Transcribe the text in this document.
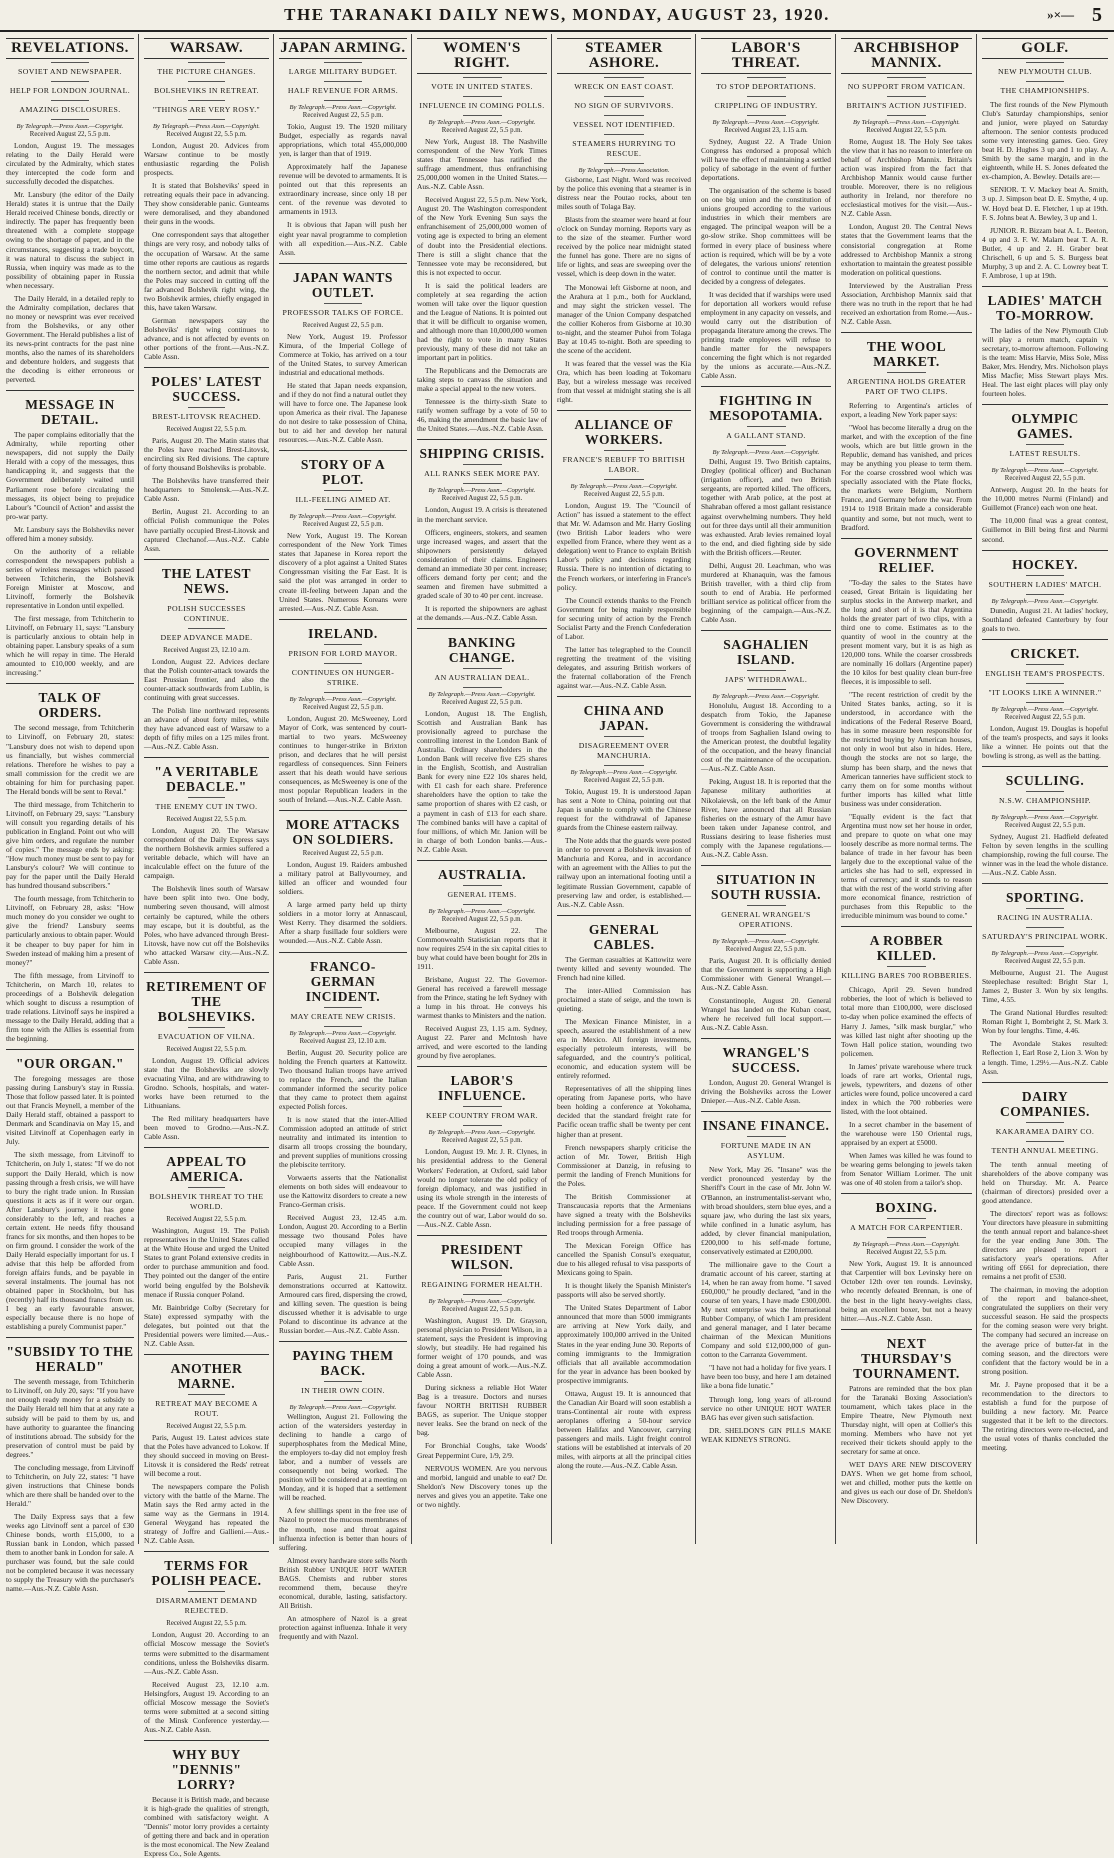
THE TARANAKI DAILY NEWS, MONDAY, AUGUST 23, 1920.	»×— 5
REVELATIONS.
SOVIET AND NEWSPAPER.
HELP FOR LONDON JOURNAL.
AMAZING DISCLOSURES.
By Telegraph.—Press Assn.—Copyright.
Received August 22, 5.5 p.m.

London, August 19. The messages relating to the Daily Herald were circulated by the Admiralty, which states they intercepted the code form and successfully decoded the dispatches.

Mr. Lansbury (the editor of the Daily Herald) states it is untrue that the Daily Herald received Chinese bonds, directly or indirectly. The paper has frequently been threatened with a complete stoppage owing to the shortage of paper, and in the circumstances, suggesting a trade boycott, it was natural to discuss the subject in Russia, when inquiry was made as to the possibility of obtaining paper in Russia when necessary.

The Daily Herald, in a detailed reply to the Admiralty compilation, declares that no money or newsprint was ever received from the Bolsheviks, or any other Government. The Herald publishes a list of its news-print contracts for the past nine months, also the names of its shareholders and debenture holders, and suggests that the decoding is either erroneous or perverted.

MESSAGE IN DETAIL.

The paper complains editorially that the Admiralty, while reporting other newspapers, did not supply the Daily Herald with a copy of the messages, thus handicapping it, and suggests that the Government deliberately waited until Parliament rose before circulating the messages, its object being to prejudice Labour's "Council of Action" and assist the pro-war party.

Mr. Lansbury says the Bolsheviks never offered him a money subsidy.

On the authority of a reliable correspondent the newspapers publish a series of wireless messages which passed between Tchitcherin, the Bolshevik Foreign Minister at Moscow, and Litvinoff, formerly the Bolshevik representative in London until expelled.

The first message, from Tchitcherin to Litvinoff, on February 11, says: "Lansbury is particularly anxious to obtain help in obtaining paper. Lansbury speaks of a sum which he will repay in time. The Herald amounted to £10,000 weekly, and are increasing."

TALK OF ORDERS.

The second message, from Tchitcherin to Litvinoff, on February 20, states: "Lansbury does not wish to depend upon us financially, but wishes commercial relations. Therefore he wishes to pay a small commission for the credit we are obtaining for him for purchasing paper. The Herald bonds will be sent to Reval."

The third message, from Tchitcherin to Litvinoff, on February 29, says: "Lansbury will consult you regarding details of his publication in England. Point out who will give him orders, and regulate the number of copies." The message ends by asking: "How much money must be sent to pay for Lansbury's colour? We will continue to pay for the paper until the Daily Herald has hundred thousand subscribers."

The fourth message, from Tchitcherin to Litvinoff, on February 28, asks: "How much money do you consider we ought to give the friend? Lansbury seems particularly anxious to obtain paper. Would it be cheaper to buy paper for him in Sweden instead of making him a present of money?"

The fifth message, from Litvinoff to Tchitcherin, on March 10, relates to proceedings of a Bolshevik delegation which sought to discuss a resumption of trade relations. Litvinoff says he inspired a message to the Daily Herald, adding that a firm tone with the Allies is essential from the beginning.

"OUR ORGAN."

The foregoing messages are those passing during Lansbury's stay in Russia. Those that follow passed later. It is pointed out that Francis Meynell, a member of the Daily Herald staff, obtained a passport to Denmark and Scandinavia on May 15, and visited Litvinoff at Copenhagen early in July.

The sixth message, from Litvinoff to Tchitcherin, on July 1, states: "If we do not support the Daily Herald, which is now passing through a fresh crisis, we will have to bury the right trade union. In Russian questions it acts as if it were our organ. After Lansbury's journey it has gone considerably to the left, and reaches a certain extent. He needs fifty thousand francs for six months, and then hopes to be on firm ground. I consider the work of the Daily Herald especially important for us. I advise that this help be afforded from foreign affairs funds, and be payable in several instalments. The journal has not obtained paper in Stockholm, but has (recently) half its thousand francs from us. I beg an early favourable answer, especially because there is no hope of establishing a purely Communist paper."

"SUBSIDY TO THE HERALD"

The seventh message, from Tchitcherin to Litvinoff, on July 20, says: "If you have not enough ready money for a subsidy to the Daily Herald tell him that at any rate a subsidy will be paid to them by us, and have authority to guarantee the financing of institutions abroad. The subsidy for the preservation of control must be paid by degrees."

The concluding message, from Litvinoff to Tchitcherin, on July 22, states: "I have given instructions that Chinese bonds which are there shall be handed over to the Herald."

The Daily Express says that a few weeks ago Litvinoff sent a parcel of £30 Chinese bonds, worth £15,000, to a Russian bank in London, which passed them to another bank in London for sale. A purchaser was found, but the sale could not be completed because it was necessary to supply the Treasury with the purchaser's name.—Aus.-N.Z. Cable Assn.

WARSAW.
THE PICTURE CHANGES.
BOLSHEVIKS IN RETREAT.
"THINGS ARE VERY ROSY."
By Telegraph.—Press Assn.—Copyright.
Received August 22, 5.5 p.m.

London, August 20. Advices from Warsaw continue to be mostly enthusiastic regarding the Polish prospects.

It is stated that Bolsheviks' speed in retreating equals their pace in advancing. They show considerable panic. Gunteams were demoralised, and they abandoned their guns in the woods.

One correspondent says that altogether things are very rosy, and nobody talks of the occupation of Warsaw. At the same time other reports are cautious as regards the northern sector, and admit that while the Poles may succeed in cutting off the far advanced Bolshevik right wing, the two Bolshevik armies, chiefly engaged in this, have taken Warsaw.

German newspapers say the Bolsheviks' right wing continues to advance, and is not affected by events on other portions of the front.—Aus.-N.Z. Cable Assn.

POLES' LATEST SUCCESS.
BREST-LITOVSK REACHED.
Received August 22, 5.5 p.m.

Paris, August 20. The Matin states that the Poles have reached Brest-Litovsk, encircling six Red divisions. The capture of forty thousand Bolsheviks is probable.

The Bolsheviks have transferred their headquarters to Smolensk.—Aus.-N.Z. Cable Assn.

Berlin, August 21. According to an official Polish communique the Poles have partially occupied Brest-Litovsk and captured Clechanof.—Aus.-N.Z. Cable Assn.

THE LATEST NEWS.
POLISH SUCCESSES CONTINUE.
DEEP ADVANCE MADE.
Received August 23, 12.10 a.m.

London, August 22. Advices declare that the Polish counter-attack towards the East Prussian frontier, and also the counter-attack southwards from Lublin, is continuing with great successes.

The Polish line northward represents an advance of about forty miles, while they have advanced east of Warsaw to a depth of fifty miles on a 125 miles front.—Aus.-N.Z. Cable Assn.

"A VERITABLE DEBACLE."
THE ENEMY CUT IN TWO.
Received August 22, 5.5 p.m.

London, August 20. The Warsaw correspondent of the Daily Express says the northern Bolshevik armies suffered a veritable debacle, which will have an incalculable effect on the future of the campaign.

The Bolshevik lines south of Warsaw have been split into two. One body, numbering seven thousand, will almost certainly be captured, while the others may escape, but it is doubtful, as the Poles, who have advanced through Brest-Litovsk, have now cut off the Bolsheviks who attacked Warsaw city.—Aus.-N.Z. Cable Assn.

RETIREMENT OF THE BOLSHEVIKS.
EVACUATION OF VILNA.
Received August 22, 5.5 p.m.

London, August 19. Official advices state that the Bolsheviks are slowly evacuating Vilna, and are withdrawing to Grodno. Schools, hospitals, and water-works have been returned to the Lithuanians.

The Red military headquarters have been moved to Grodno.—Aus.-N.Z. Cable Assn.

APPEAL TO AMERICA.
BOLSHEVIK THREAT TO THE WORLD.
Received August 22, 5.5 p.m.

Washington, August 19. The Polish representatives in the United States called at the White House and urged the United States to grant Poland extensive credits in order to purchase ammunition and food. They pointed out the danger of the entire world being engulfed by the Bolshevik menace if Russia conquer Poland.

Mr. Bainbridge Colby (Secretary for State) expressed sympathy with the delegates, but pointed out that the Presidential powers were limited.—Aus.-N.Z. Cable Assn.

ANOTHER MARNE.
RETREAT MAY BECOME A ROUT.
Received August 22, 5.5 p.m.

Paris, August 19. Latest advices state that the Poles have advanced to Lokow. If they should succeed in moving on Brest-Litovsk it is considered the Reds' retreat will become a rout.

The newspapers compare the Polish victory with the battle of the Marne. The Matin says the Red army acted in the same way as the Germans in 1914. General Weygand has repeated the strategy of Joffre and Gallieni.—Aus.-N.Z. Cable Assn.

TERMS FOR POLISH PEACE.
DISARMAMENT DEMAND REJECTED.
Received August 22, 5.5 p.m.

London, August 20. According to an official Moscow message the Soviet's terms were submitted to the disarmament conditions, unless the Bolsheviks disarm.—Aus.-N.Z. Cable Assn.

Received August 23, 12.10 a.m. Helsingfors, August 19. According to an official Moscow message the Soviet's terms were submitted at a second sitting of the Minsk Conference yesterday.—Aus.-N.Z. Cable Assn.

WHY BUY "DENNIS" LORRY?

Because it is British made, and because it is high-grade the qualities of strength, combined with satisfactory weight. A "Dennis" motor lorry provides a certainty of getting there and back and in operation is the most economical. The New Zealand Express Co., Sole Agents.

JAPAN ARMING.
LARGE MILITARY BUDGET.
HALF REVENUE FOR ARMS.
By Telegraph.—Press Assn.—Copyright.
Received August 22, 5.5 p.m.

Tokio, August 19. The 1920 military Budget, especially as regards naval appropriations, which total 455,000,000 yen, is larger than that of 1919.

Approximately half the Japanese revenue will be devoted to armaments. It is pointed out that this represents an extraordinary increase, since only 18 per cent. of the revenue was devoted to armaments in 1913.

It is obvious that Japan will push her eight year naval programme to completion with all expedition.—Aus.-N.Z. Cable Assn.

JAPAN WANTS OUTLET.
PROFESSOR TALKS OF FORCE.
Received August 22, 5.5 p.m.

New York, August 19. Professor Kimura, of the Imperial College of Commerce at Tokio, has arrived on a tour of the United States, to survey American industrial and educational methods.

He stated that Japan needs expansion, and if they do not find a natural outlet they will have to force one. The Japanese look upon America as their rival. The Japanese do not desire to take possession of China, but to aid her and develop her natural resources.—Aus.-N.Z. Cable Assn.

STORY OF A PLOT.
ILL-FEELING AIMED AT.
By Telegraph.—Press Assn.—Copyright.
Received August 22, 5.5 p.m.

New York, August 19. The Korean correspondent of the New York Times states that Japanese in Korea report the discovery of a plot against a United States Congressman visiting the Far East. It is said the plot was arranged in order to create ill-feeling between Japan and the United States. Numerous Koreans were arrested.—Aus.-N.Z. Cable Assn.

IRELAND.
PRISON FOR LORD MAYOR.
CONTINUES ON HUNGER-STRIKE.
By Telegraph.—Press Assn.—Copyright.
Received August 22, 5.5 p.m.

London, August 20. McSweeney, Lord Mayor of Cork, was sentenced by court-martial to two years. McSweeney continues to hunger-strike in Brixton prison, and declares that he will persist regardless of consequences. Sinn Feiners assert that his death would have serious consequences, as McSweeney is one of the most popular Republican leaders in the south of Ireland.—Aus.-N.Z. Cable Assn.

MORE ATTACKS ON SOLDIERS.
Received August 22, 5.5 p.m.

London, August 19. Raiders ambushed a military patrol at Ballyvourney, and killed an officer and wounded four soldiers.

A large armed party held up thirty soldiers in a motor lorry at Annascaul, West Kerry. They disarmed the soldiers. After a sharp fusillade four soldiers were wounded.—Aus.-N.Z. Cable Assn.

FRANCO-GERMAN INCIDENT.
MAY CREATE NEW CRISIS.
By Telegraph.—Press Assn.—Copyright.
Received August 23, 12.10 a.m.

Berlin, August 20. Security police are holding the French quarters at Kattowitz. Two thousand Italian troops have arrived to replace the French, and the Italian commander informed the security police that they came to protect them against expected Polish forces.

It is now stated that the inter-Allied Commission adopted an attitude of strict neutrality and intimated its intention to disarm all troops crossing the boundary, and prevent supplies of munitions crossing the plebiscite territory.

Vorwaerts asserts that the Nationalist elements on both sides will endeavour to use the Kattowitz disorders to create a new Franco-German crisis.

Received August 23, 12.45 a.m. London, August 20. According to a Berlin message two thousand Poles have occupied many villages in the neighbourhood of Kattowitz.—Aus.-N.Z. Cable Assn.

Paris, August 21. Further demonstrations occurred at Kattowitz. Armoured cars fired, dispersing the crowd, and killing seven. The question is being discussed whether it is advisable to urge Poland to discontinue its advance at the Russian border.—Aus.-N.Z. Cable Assn.

PAYING THEM BACK.
IN THEIR OWN COIN.
By Telegraph.—Press Assn.—Copyright.

Wellington, August 21. Following the action of the watersiders yesterday in declining to handle a cargo of superphosphates from the Medical Mine, the employers to-day did not employ fresh labor, and a number of vessels are consequently not being worked. The position will be considered at a meeting on Monday, and it is hoped that a settlement will be reached.

A few shillings spent in the free use of Nazol to protect the mucous membranes of the mouth, nose and throat against influenza infection is better than hours of suffering.

Almost every hardware store sells North British Rubber UNIQUE HOT WATER BAGS. Chemists and rubber stores recommend them, because they're economical, durable, lasting, satisfactory. All British.

An atmosphere of Nazol is a great protection against influenza. Inhale it very frequently and with Nazol.

WOMEN'S RIGHT.
VOTE IN UNITED STATES.
INFLUENCE IN COMING POLLS.
By Telegraph.—Press Assn.—Copyright.
Received August 22, 5.5 p.m.

New York, August 18. The Nashville correspondent of the New York Times states that Tennessee has ratified the suffrage amendment, thus enfranchising 25,000,000 women in the United States.—Aus.-N.Z. Cable Assn.

Received August 22, 5.5 p.m. New York, August 20. The Washington correspondent of the New York Evening Sun says the enfranchisement of 25,000,000 women of voting age is expected to bring an element of doubt into the Presidential elections. There is still a slight chance that the Tennessee vote may be reconsidered, but this is not expected to occur.

It is said the political leaders are completely at sea regarding the action women will take over the liquor question and the League of Nations. It is pointed out that it will be difficult to organise women, and although more than 10,000,000 women had the right to vote in many States previously, many of these did not take an important part in politics.

The Republicans and the Democrats are taking steps to canvass the situation and make a special appeal to the new voters.

Tennessee is the thirty-sixth State to ratify women suffrage by a vote of 50 to 46, making the amendment the basic law of the United States.—Aus.-N.Z. Cable Assn.

SHIPPING CRISIS.
ALL RANKS SEEK MORE PAY.
By Telegraph.—Press Assn.—Copyright.
Received August 22, 5.5 p.m.

London, August 19. A crisis is threatened in the merchant service.

Officers, engineers, stokers, and seamen urge increased wages, and assert that the shipowners persistently delayed consideration of their claims. Engineers demand an immediate 30 per cent. increase; officers demand forty per cent; and the seamen and firemen have submitted a graded scale of 30 to 40 per cent. increase.

It is reported the shipowners are aghast at the demands.—Aus.-N.Z. Cable Assn.

BANKING CHANGE.
AN AUSTRALIAN DEAL.
By Telegraph.—Press Assn.—Copyright.
Received August 22, 5.5 p.m.

London, August 18. The English, Scottish and Australian Bank has provisionally agreed to purchase the controlling interest in the London Bank of Australia. Ordinary shareholders in the London Bank will receive five £25 shares in the English, Scottish, and Australian Bank for every nine £22 10s shares held, with £1 cash for each share. Preference shareholders have the option to take the same proportion of shares with £2 cash, or a payment in cash of £13 for each share. The combined banks will have a capital of four millions, of which Mr. Janion will be in charge of both London banks.—Aus.-N.Z. Cable Assn.

AUSTRALIA.
GENERAL ITEMS.
By Telegraph.—Press Assn.—Copyright.
Received August 22, 5.5 p.m.

Melbourne, August 22. The Commonwealth Statistician reports that it now requires 25/4 in the six capital cities to buy what could have been bought for 20s in 1911.

Brisbane, August 22. The Governor-General has received a farewell message from the Prince, stating he left Sydney with a lump in his throat. He conveys his warmest thanks to Ministers and the nation.

Received August 23, 1.15 a.m. Sydney, August 22. Parer and McIntosh have arrived, and were escorted to the landing ground by five aeroplanes.

LABOR'S INFLUENCE.
KEEP COUNTRY FROM WAR.
By Telegraph.—Press Assn.—Copyright.
Received August 22, 5.5 p.m.

London, August 19. Mr. J. R. Clynes, in his presidential address to the General Workers' Federation, at Oxford, said labor would no longer tolerate the old policy of foreign diplomacy, and was justified in using its whole strength in the interests of peace. If the Government could not keep the country out of war, Labor would do so.—Aus.-N.Z. Cable Assn.

PRESIDENT WILSON.
REGAINING FORMER HEALTH.
By Telegraph.—Press Assn.—Copyright.
Received August 22, 5.5 p.m.

Washington, August 19. Dr. Grayson, personal physician to President Wilson, in a statement, says the President is improving slowly, but steadily. He had regained his former weight of 170 pounds, and was doing a great amount of work.—Aus.-N.Z. Cable Assn.

During sickness a reliable Hot Water Bag is a treasure. Doctors and nurses favour NORTH BRITISH RUBBER BAGS, as superior. The Unique stopper never leaks. See the brand on neck of the bag.

For Bronchial Coughs, take Woods' Great Peppermint Cure, 1/9, 2/9.

NERVOUS WOMEN. Are you nervous and morbid, languid and unable to eat? Dr. Sheldon's New Discovery tones up the nerves and gives you an appetite. Take one or two nightly.

STEAMER ASHORE.
WRECK ON EAST COAST.
NO SIGN OF SURVIVORS.
VESSEL NOT IDENTIFIED.
STEAMERS HURRYING TO RESCUE.
By Telegraph.—Press Association.

Gisborne, Last Night. Word was received by the police this evening that a steamer is in distress near the Poutao rocks, about ten miles south of Tolaga Bay.

Blasts from the steamer were heard at four o'clock on Sunday morning. Reports vary as to the size of the steamer. Further word received by the police near midnight stated the funnel has gone. There are no signs of life or lights, and seas are sweeping over the vessel, which is deep down in the water.

The Monowai left Gisborne at noon, and the Arahura at 1 p.m., both for Auckland, and may sight the stricken vessel. The manager of the Union Company despatched the collier Koheros from Gisborne at 10.30 to-night, and the steamer Puhoi from Tolaga Bay at 10.45 to-night. Both are speeding to the scene of the accident.

It was feared that the vessel was the Kia Ora, which has been loading at Tokomaru Bay, but a wireless message was received from that vessel at midnight stating she is all right.

ALLIANCE OF WORKERS.
FRANCE'S REBUFF TO BRITISH LABOR.
By Telegraph.—Press Assn.—Copyright.
Received August 22, 5.5 p.m.

London, August 19. The "Council of Action" has issued a statement to the effect that Mr. W. Adamson and Mr. Harry Gosling (two British Labor leaders who were expelled from France, where they went as a delegation) went to France to explain British Labor's policy and decisions regarding Russia. There is no intention of dictating to the French workers, or interfering in France's policy.

The Council extends thanks to the French Government for being mainly responsible for securing unity of action by the French Socialist Party and the French Confederation of Labor.

The latter has telegraphed to the Council regretting the treatment of the visiting delegates, and assuring British workers of the fraternal collaboration of the French against war.—Aus.-N.Z. Cable Assn.

CHINA AND JAPAN.
DISAGREEMENT OVER MANCHURIA.
By Telegraph.—Press Assn.—Copyright.
Received August 22, 5.5 p.m.

Tokio, August 19. It is understood Japan has sent a Note to China, pointing out that Japan is unable to comply with the Chinese request for the withdrawal of Japanese guards from the Chinese eastern railway.

The Note adds that the guards were posted in order to prevent a Bolshevik invasion of Manchuria and Korea, and in accordance with an agreement with the Allies to put the railway upon an international footing until a legitimate Russian Government, capable of preserving law and order, is established.—Aus.-N.Z. Cable Assn.

GENERAL CABLES.

The German casualties at Kattowitz were twenty killed and seventy wounded. The French had nine killed.

The inter-Allied Commission has proclaimed a state of seige, and the town is quieting.

The Mexican Finance Minister, in a speech, assured the establishment of a new era in Mexico. All foreign investments, especially petroleum interests, will be safeguarded, and the country's political, economic, and education system will be entirely reformed.

Representatives of all the shipping lines operating from Japanese ports, who have been holding a conference at Yokohama, decided that the standard freight rate for Pacific ocean traffic shall be twenty per cent higher than at present.

French newspapers sharply criticise the action of Mr. Tower, British High Commissioner at Danzig, in refusing to permit the landing of French Munitions for the Poles.

The British Commissioner at Transcaucasia reports that the Armenians have signed a treaty with the Bolsheviks including permission for a free passage of Red troops through Armenia.

The Mexican Foreign Office has cancelled the Spanish Consul's exequatur, due to his alleged refusal to visa passports of Mexicans going to Spain.

It is thought likely the Spanish Minister's passports will also be served shortly.

The United States Department of Labor announced that more than 5000 immigrants are arriving at New York daily, and approximately 100,000 arrived in the United States in the year ending June 30. Reports of coming immigrants to the Immigration officials that all available accommodation for the year in advance has been booked by prospective immigrants.

Ottawa, August 19. It is announced that the Canadian Air Board will soon establish a trans-Continental air route with express aeroplanes offering a 50-hour service between Halifax and Vancouver, carrying passengers and mails. Light freight control stations will be established at intervals of 20 miles, with airports at all the principal cities along the route.—Aus.-N.Z. Cable Assn.

LABOR'S THREAT.
TO STOP DEPORTATIONS.
CRIPPLING OF INDUSTRY.
By Telegraph.—Press Assn.—Copyright.
Received August 23, 1.15 a.m.

Sydney, August 22. A Trade Union Congress has endorsed a proposal which will have the effect of maintaining a settled policy of sabotage in the event of further deportations.

The organisation of the scheme is based on one big union and the constitution of unions grouped according to the various industries in which their members are engaged. The principal weapon will be a go-slow strike. Shop committees will be formed in every place of business where action is required, which will be by a vote of delegates, the various unions' retention of control to continue until the matter is decided by a congress of delegates.

It was decided that if warships were used for deportation all workers would refuse employment in any capacity on vessels, and would carry out the distribution of propaganda literature among the crews. The printing trade employees will refuse to handle matter for the newspapers concerning the fight which is not regarded by the unions as accurate.—Aus.-N.Z. Cable Assn.

FIGHTING IN MESOPOTAMIA.
A GALLANT STAND.
By Telegraph.—Press Assn.—Copyright.

Delhi, August 19. Two British captains, Dregley (political officer) and Buchanan (irrigation officer), and two British sergeants, are reported killed. The officers, together with Arab police, at the post at Shahraban offered a most gallant resistance against overwhelming numbers. They held out for three days until all their ammunition was exhausted. Arab levies remained loyal to the end, and died fighting side by side with the British officers.—Reuter.

Delhi, August 20. Leachman, who was murdered at Khanaquin, was the famous British traveller, with a third clip from south to end of Arabia. He performed brilliant service as political officer from the beginning of the campaign.—Aus.-N.Z. Cable Assn.

SAGHALIEN ISLAND.
JAPS' WITHDRAWAL.
By Telegraph.—Press Assn.—Copyright.

Honolulu, August 18. According to a despatch from Tokio, the Japanese Government is considering the withdrawal of troops from Saghalien Island owing to the American protest, the doubtful legality of the occupation, and the heavy financial cost of the maintenance of the occupation.—Aus.-N.Z. Cable Assn.

Peking, August 18. It is reported that the Japanese military authorities at Nikolaievsk, on the left bank of the Amur River, have announced that all Russian fisheries on the estuary of the Amur have been taken under Japanese control, and Russians desiring to lease fisheries must comply with the Japanese regulations.—Aus.-N.Z. Cable Assn.

SITUATION IN SOUTH RUSSIA.
GENERAL WRANGEL'S OPERATIONS.
By Telegraph.—Press Assn.—Copyright.
Received August 22, 5.5 p.m.

Paris, August 20. It is officially denied that the Government is supporting a High Commissioner with General Wrangel.—Aus.-N.Z. Cable Assn.

Constantinople, August 20. General Wrangel has landed on the Kuban coast, where he received full local support.—Aus.-N.Z. Cable Assn.

WRANGEL'S SUCCESS.

London, August 20. General Wrangel is driving the Bolsheviks across the Lower Dnieper.—Aus.-N.Z. Cable Assn.

INSANE FINANCE.
FORTUNE MADE IN AN ASYLUM.

New York, May 26. "Insane" was the verdict pronounced yesterday by the Sheriff's Court in the case of Mr. John W. O'Bannon, an instrumentalist-servant who, with broad shoulders, stern blue eyes, and a square jaw, who during the last six years, while confined in a lunatic asylum, has added, by clever financial manipulation, £200,000 to his self-made fortune, conservatively estimated at £200,000.

The millionaire gave to the Court a dramatic account of his career, starting at 14, when he ran away from home. "I saved £60,000," he proudly declared, "and in the course of ten years, I have made £300,000. My next enterprise was the International Rubber Company, of which I am president and general manager, and I later became chairman of the Mexican Munitions Company and sold £12,000,000 of gun-cotton to the Carranza Government.

"I have not had a holiday for five years. I have been too busy, and here I am detained like a bona fide lunatic."

Through long, long years of all-round service no other UNIQUE HOT WATER BAG has ever given such satisfaction.

DR. SHELDON'S GIN PILLS MAKE WEAK KIDNEYS STRONG.

ARCHBISHOP MANNIX.
NO SUPPORT FROM VATICAN.
BRITAIN'S ACTION JUSTIFIED.
By Telegraph.—Press Assn.—Copyright.
Received August 22, 5.5 p.m.

Rome, August 18. The Holy See takes the view that it has no reason to interfere on behalf of Archbishop Mannix. Britain's action was inspired from the fact that Archbishop Mannix would cause further trouble. Moreover, there is no religious authority in Ireland, nor therefore no ecclesiastical motives for the visit.—Aus.-N.Z. Cable Assn.

London, August 20. The Central News states that the Government learns that the consistorial congregation at Rome addressed to Archbishop Mannix a strong exhortation to maintain the greatest possible moderation on political questions.

Interviewed by the Australian Press Association, Archbishop Mannix said that there was no truth in the report that he had received an exhortation from Rome.—Aus.-N.Z. Cable Assn.

THE WOOL MARKET.
ARGENTINA HOLDS GREATER PART OF TWO CLIPS.

Referring to Argentina's articles of export, a leading New York paper says:

"Wool has become literally a drug on the market, and with the exception of the fine wools, which are but little grown in the Republic, demand has vanished, and prices may be anything you please to term them. For the coarse crossbred wool which was specially associated with the Plate flocks, the markets were Belgium, Northern France, and Germany before the war. From 1914 to 1918 Britain made a considerable quantity and some, but not much, went to Bradford.

GOVERNMENT RELIEF.

"To-day the sales to the States have ceased, Great Britain is liquidating her surplus stocks in the Antwerp market, and the long and short of it is that Argentina holds the greater part of two clips, with a third one to come. Estimates as to the quantity of wool in the country at the present moment vary, but it is as high as 120,000 tons. While the coarser crossbreds are nominally 16 dollars (Argentine paper) the 10 kilos for best quality clean burr-free fleeces, it is impossible to sell.

"The recent restriction of credit by the United States banks, acting, so it is understood, in accordance with the indications of the Federal Reserve Board, has in some measure been responsible for the restricted buying by American houses, not only in wool but also in hides. Here, though the stocks are not so large, the slump has been sharp, and the news that American tanneries have sufficient stock to carry them on for some months without further imports has killed what little business was under consideration.

"Equally evident is the fact that Argentina must now set her house in order, and prepare to quote on what one may loosely describe as more normal terms. The balance of trade in her favour has been largely due to the exceptional value of the articles she has had to sell, expressed in terms of currency; and it stands to reason that with the rest of the world striving after more economical finance, restriction of purchases from this Republic to the irreducible minimum was bound to come."

A ROBBER KILLED.
KILLING BARES 700 ROBBERIES.

Chicago, April 29. Seven hundred robberies, the loot of which is believed to total more than £100,000, were disclosed to-day when police examined the effects of Harry J. James, "silk mask burglar," who was killed last night after shooting up the Town Hall police station, wounding two policemen.

In James' private warehouse where truck loads of rare art works, Oriental rugs, jewels, typewriters, and dozens of other articles were found, police uncovered a card index in which the 700 robberies were listed, with the loot obtained.

In a secret chamber in the basement of the warehouse were 150 Oriental rugs, appraised by an expert at £5000.

When James was killed he was found to be wearing gems belonging to jewels taken from Senator William Lorimer. The unit was one of 40 stolen from a tailor's shop.

BOXING.
A MATCH FOR CARPENTIER.
By Telegraph.—Press Assn.—Copyright.
Received August 22, 5.5 p.m.

New York, August 19. It is announced that Carpentier will box Levinsky here on October 12th over ten rounds. Levinsky, who recently defeated Brennan, is one of the best in the light heavy-weights class, being an excellent boxer, but not a heavy hitter.—Aus.-N.Z. Cable Assn.

NEXT THURSDAY'S TOURNAMENT.

Patrons are reminded that the box plan for the Taranaki Boxing Association's tournament, which takes place in the Empire Theatre, New Plymouth next Thursday night, will open at Collier's this morning. Members who have not yet received their tickets should apply to the secretary for same at once.

WET DAYS ARE NEW DISCOVERY DAYS. When we get home from school, wet and chilled, mother puts the kettle on and gives us each our dose of Dr. Sheldon's New Discovery.

GOLF.
NEW PLYMOUTH CLUB.
THE CHAMPIONSHIPS.

The first rounds of the New Plymouth Club's Saturday championships, senior and junior, were played on Saturday afternoon. The senior contests produced some very interesting games. Geo. Grey beat H. D. Hughes 3 up and 1 to play. A. Smith by the same margin, and in the eighteenth, while H. S. Jones defeated the ex-champion, A. Bewley. Details are:—

SENIOR. T. V. Mackey beat A. Smith, 3 up. J. Simpson beat D. E. Smythe, 4 up. W. Hoyd beat D. E. Fletcher, 1 up at 19th. F. S. Johns beat A. Bewley, 3 up and 1.

JUNIOR. R. Bizzam beat A. L. Beeton, 4 up and 3. F. W. Malam beat T. A. R. Butler, 4 up and 2. H. Graber beat Chrischell, 6 up and 5. S. Burgess beat Murphy, 3 up and 2. A. C. Lowrey beat T. F. Ambrose, 1 up at 19th.

LADIES' MATCH TO-MORROW.

The ladies of the New Plymouth Club will play a return match, captain v. secretary, to-morrow afternoon. Following is the team: Miss Harvie, Miss Sole, Miss Baker, Mrs. Hendry, Mrs. Nicholson plays Miss Macfie; Miss Stewart plays Mrs. Heal. The last eight places will play only fourteen holes.

OLYMPIC GAMES.
LATEST RESULTS.
By Telegraph.—Press Assn.—Copyright.
Received August 22, 5.5 p.m.

Antwerp, August 20. In the heats for the 10,000 metres Nurmi (Finland) and Guillemot (France) each won one heat.

The 10,000 final was a great contest, Guillemot in Bill being first and Nurmi second.

HOCKEY.
SOUTHERN LADIES' MATCH.
By Telegraph.—Press Assn.—Copyright.

Dunedin, August 21. At ladies' hockey, Southland defeated Canterbury by four goals to two.

CRICKET.
ENGLISH TEAM'S PROSPECTS.
"IT LOOKS LIKE A WINNER."
By Telegraph.—Press Assn.—Copyright.
Received August 22, 5.5 p.m.

London, August 19. Douglas is hopeful of the team's prospects, and says it looks like a winner. He points out that the bowling is strong, as well as the batting.

SCULLING.
N.S.W. CHAMPIONSHIP.
By Telegraph.—Press Assn.—Copyright.
Received August 22, 5.5 p.m.

Sydney, August 21. Hadfield defeated Felton by seven lengths in the sculling championship, rowing the full course. The winner was in the lead the whole distance.—Aus.-N.Z. Cable Assn.

SPORTING.
RACING IN AUSTRALIA.
SATURDAY'S PRINCIPAL WORK.
By Telegraph.—Press Assn.—Copyright.
Received August 22, 5.5 p.m.

Melbourne, August 21. The August Steeplechase resulted: Bright Star 1, James 2, Buster 3. Won by six lengths. Time, 4.55.

The Grand National Hurdles resulted: Roman Right 1, Bombright 2, St. Mark 3. Won by four lengths. Time, 4.46.

The Avondale Stakes resulted: Reflection 1, Earl Rose 2, Lion 3. Won by a length. Time, 1.29½.—Aus.-N.Z. Cable Assn.

DAIRY COMPANIES.
KAKARAMEA DAIRY CO.
TENTH ANNUAL MEETING.

The tenth annual meeting of shareholders of the above company was held on Thursday. Mr. A. Pearce (chairman of directors) presided over a good attendance.

The directors' report was as follows: Your directors have pleasure in submitting the tenth annual report and balance-sheet for the year ending June 30th. The directors are pleased to report a satisfactory year's operations. After writing off £661 for depreciation, there remains a net profit of £530.

The chairman, in moving the adoption of the report and balance-sheet, congratulated the suppliers on their very successful season. He said the prospects for the coming season were very bright. The company had secured an increase on the average price of butter-fat in the coming season, and the directors were confident that the factory would be in a strong position.

Mr. J. Payne proposed that it be a recommendation to the directors to establish a fund for the purpose of building a new factory. Mr. Pearce suggested that it be left to the directors. The retiring directors were re-elected, and the usual votes of thanks concluded the meeting.
